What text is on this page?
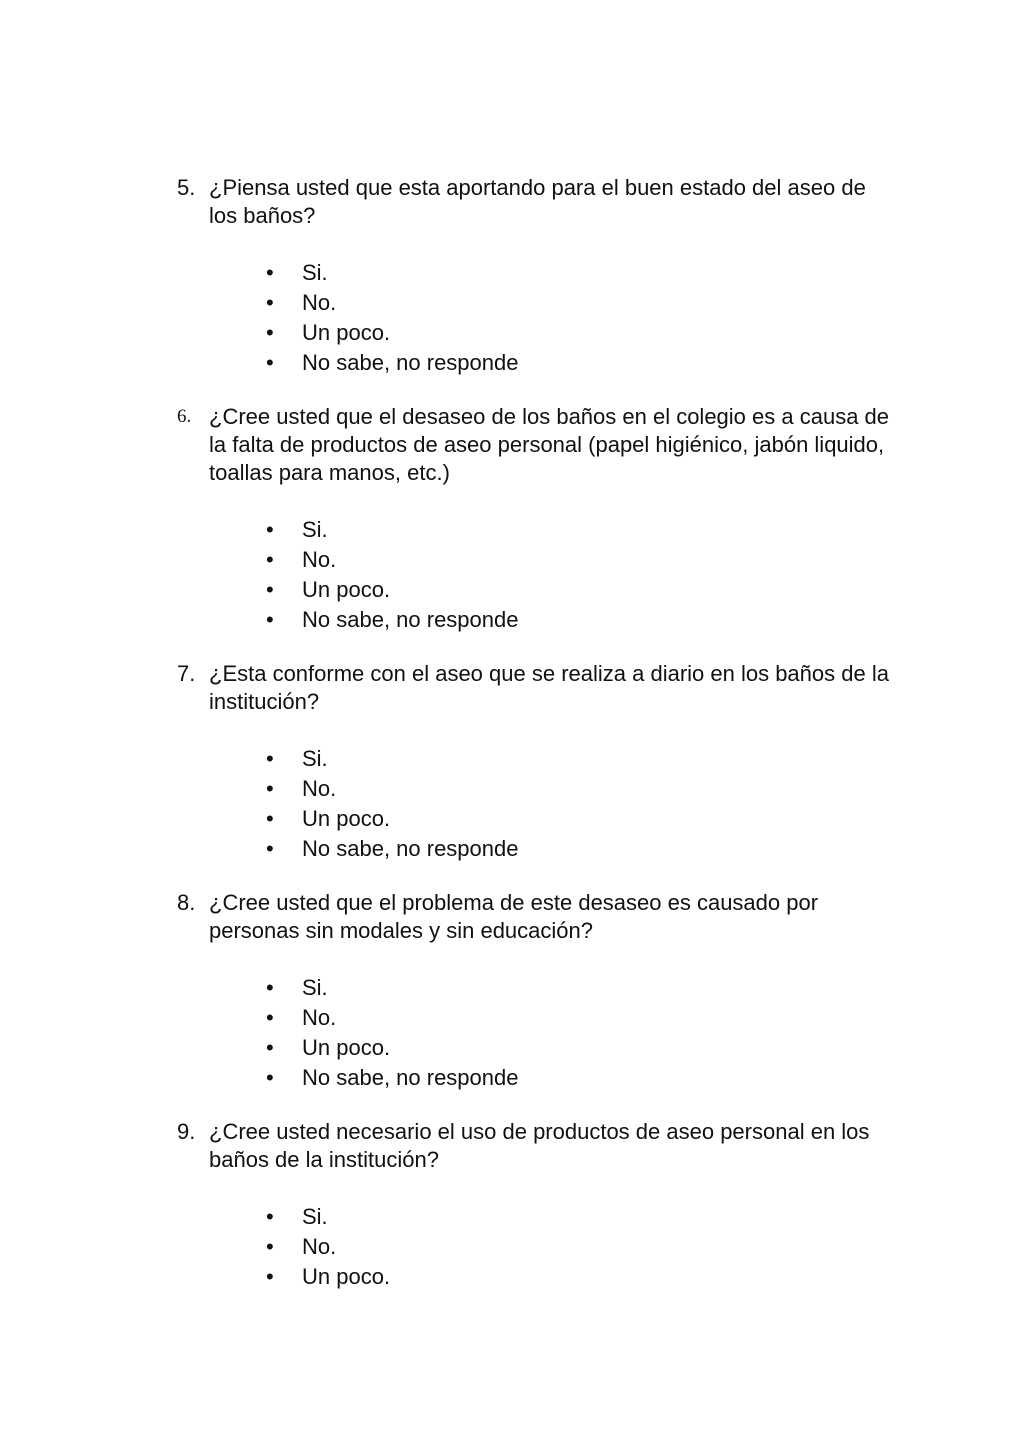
5. ¿Piensa usted que esta aportando para el buen estado del aseo de los baños?

• Si.
• No.
• Un poco.
• No sabe, no responde
6. ¿Cree usted que el desaseo de los baños en el colegio es a causa de la falta de productos de aseo personal (papel higiénico, jabón liquido, toallas para manos, etc.)

• Si.
• No.
• Un poco.
• No sabe, no responde
7. ¿Esta conforme con el aseo que se realiza a diario en los baños de la institución?

• Si.
• No.
• Un poco.
• No sabe, no responde
8. ¿Cree usted que el problema de este desaseo es causado por personas sin modales y sin educación?

• Si.
• No.
• Un poco.
• No sabe, no responde
9. ¿Cree usted necesario el uso de productos de aseo personal en los baños de la institución?

• Si.
• No.
• Un poco.
